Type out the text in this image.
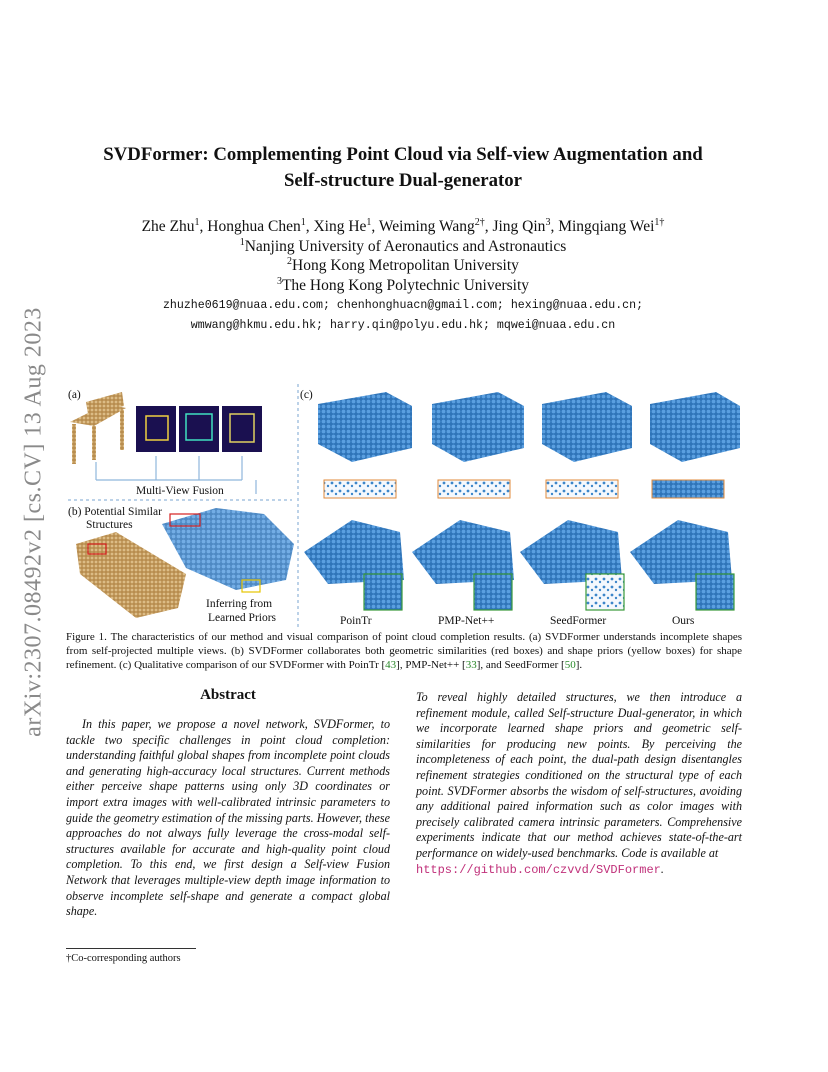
arXiv:2307.08492v2 [cs.CV] 13 Aug 2023
SVDFormer: Complementing Point Cloud via Self-view Augmentation and
Self-structure Dual-generator
Zhe Zhu$^1$, Honghua Chen$^1$, Xing He$^1$, Weiming Wang$^{2\dagger}$, Jing Qin$^3$, Mingqiang Wei$^{1\dagger}$
$^1$Nanjing University of Aeronautics and Astronautics
$^2$Hong Kong Metropolitan University
$^3$The Hong Kong Polytechnic University
zhuzhe0619@nuaa.edu.com; chenhonghuacn@gmail.com; hexing@nuaa.edu.cn;
wmwang@hkmu.edu.hk; harry.qin@polyu.edu.hk; mqwei@nuaa.edu.cn
(a)
Multi-View Fusion
(b) Potential Similar
Structures
Inferring from
Learned Priors
(c)
PoinTr	PMP-Net++	SeedFormer	Ours
Figure 1. The characteristics of our method and visual comparison of point cloud completion results. (a) SVDFormer understands incomplete shapes from self-projected multiple views. (b) SVDFormer collaborates both geometric similarities (red boxes) and shape priors (yellow boxes) for shape refinement. (c) Qualitative comparison of our SVDFormer with PoinTr [43], PMP-Net++ [33], and SeedFormer [50].
Abstract
In this paper, we propose a novel network, SVDFormer, to tackle two specific challenges in point cloud completion: understanding faithful global shapes from incomplete point clouds and generating high-accuracy local structures. Current methods either perceive shape patterns using only 3D coordinates or import extra images with well-calibrated intrinsic parameters to guide the geometry estimation of the missing parts. However, these approaches do not always fully leverage the cross-modal self-structures available for accurate and high-quality point cloud completion. To this end, we first design a Self-view Fusion Network that leverages multiple-view depth image information to observe incomplete self-shape and generate a compact global shape.
To reveal highly detailed structures, we then introduce a refinement module, called Self-structure Dual-generator, in which we incorporate learned shape priors and geometric self-similarities for producing new points. By perceiving the incompleteness of each point, the dual-path design disentangles refinement strategies conditioned on the structural type of each point. SVDFormer absorbs the wisdom of self-structures, avoiding any additional paired information such as color images with precisely calibrated camera intrinsic parameters. Comprehensive experiments indicate that our method achieves state-of-the-art performance on widely-used benchmarks. Code is available at
https://github.com/czvvd/SVDFormer.
†Co-corresponding authors
